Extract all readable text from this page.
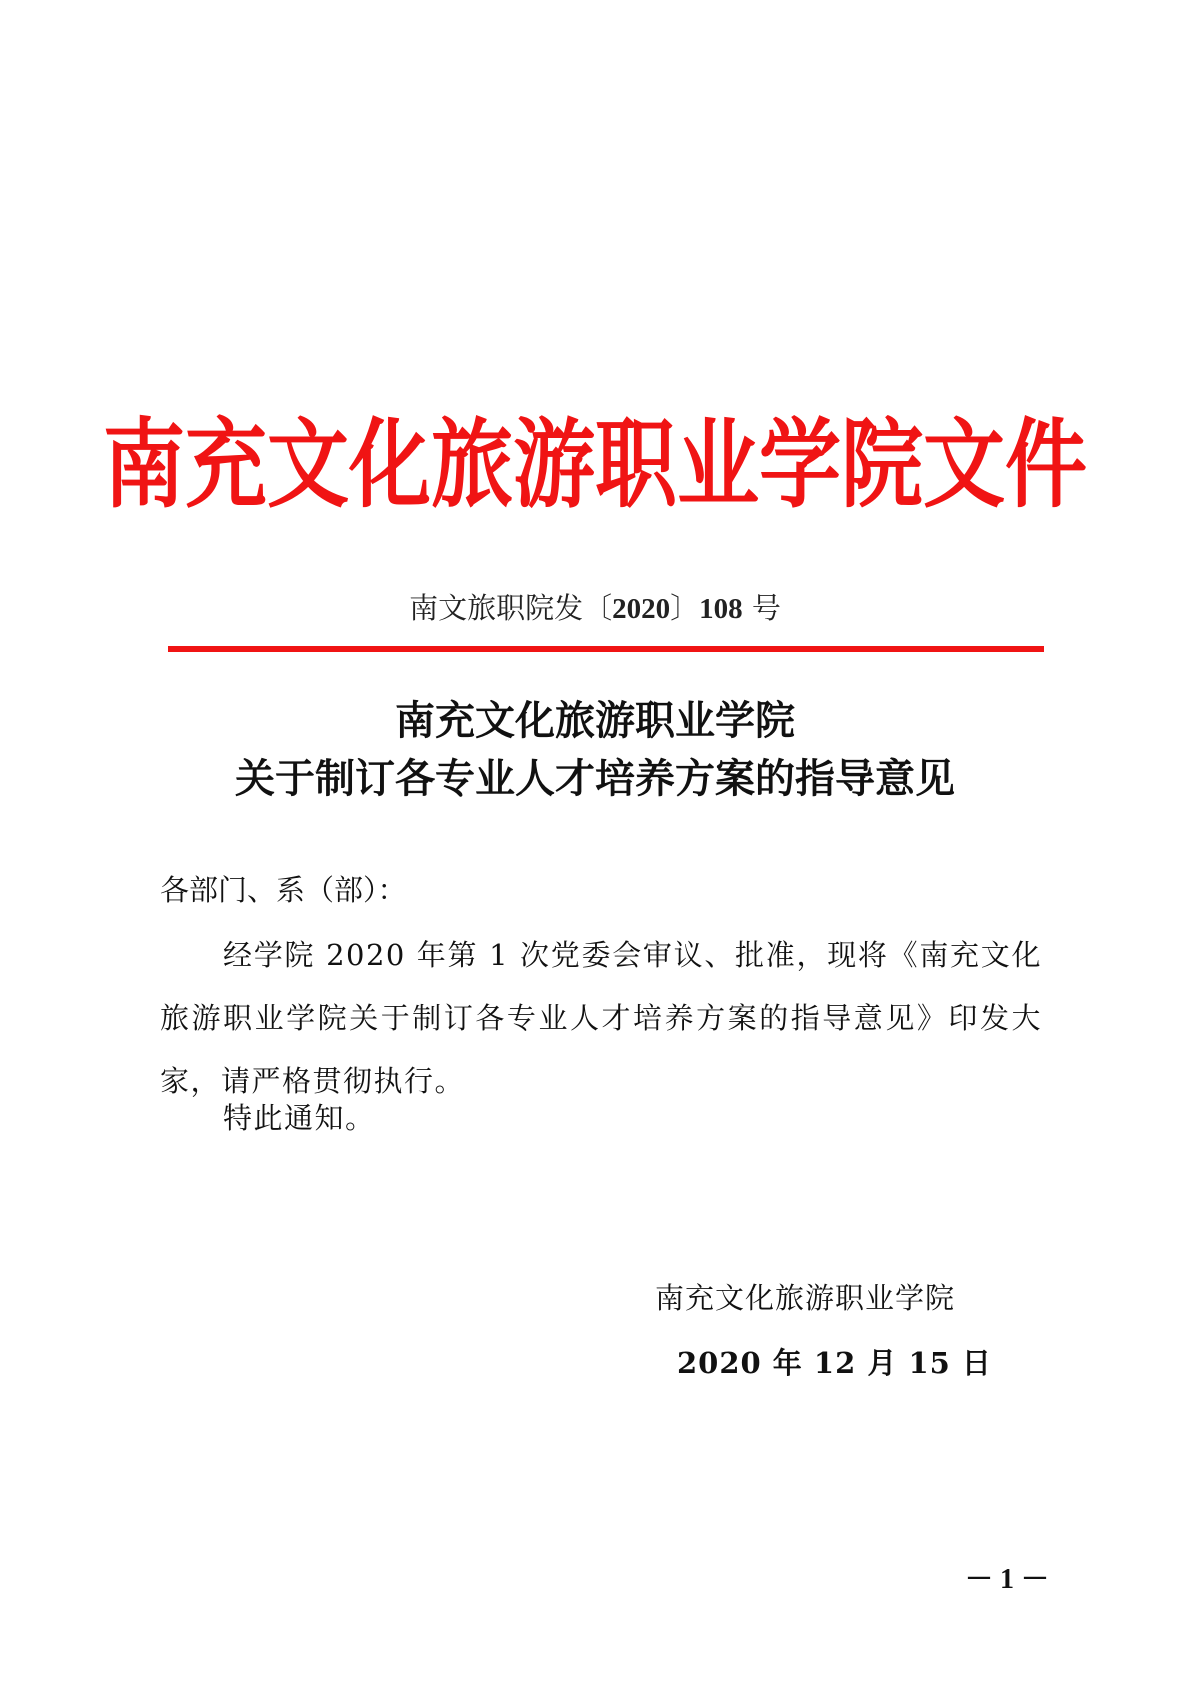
南充文化旅游职业学院文件
南文旅职院发〔2020〕108 号
南充文化旅游职业学院
关于制订各专业人才培养方案的指导意见
各部门、系（部）：
经学院 2020 年第 1 次党委会审议、批准，现将《南充文化旅游职业学院关于制订各专业人才培养方案的指导意见》印发大家，请严格贯彻执行。
特此通知。
南充文化旅游职业学院
2020 年 12 月 15 日
－ 1 －
